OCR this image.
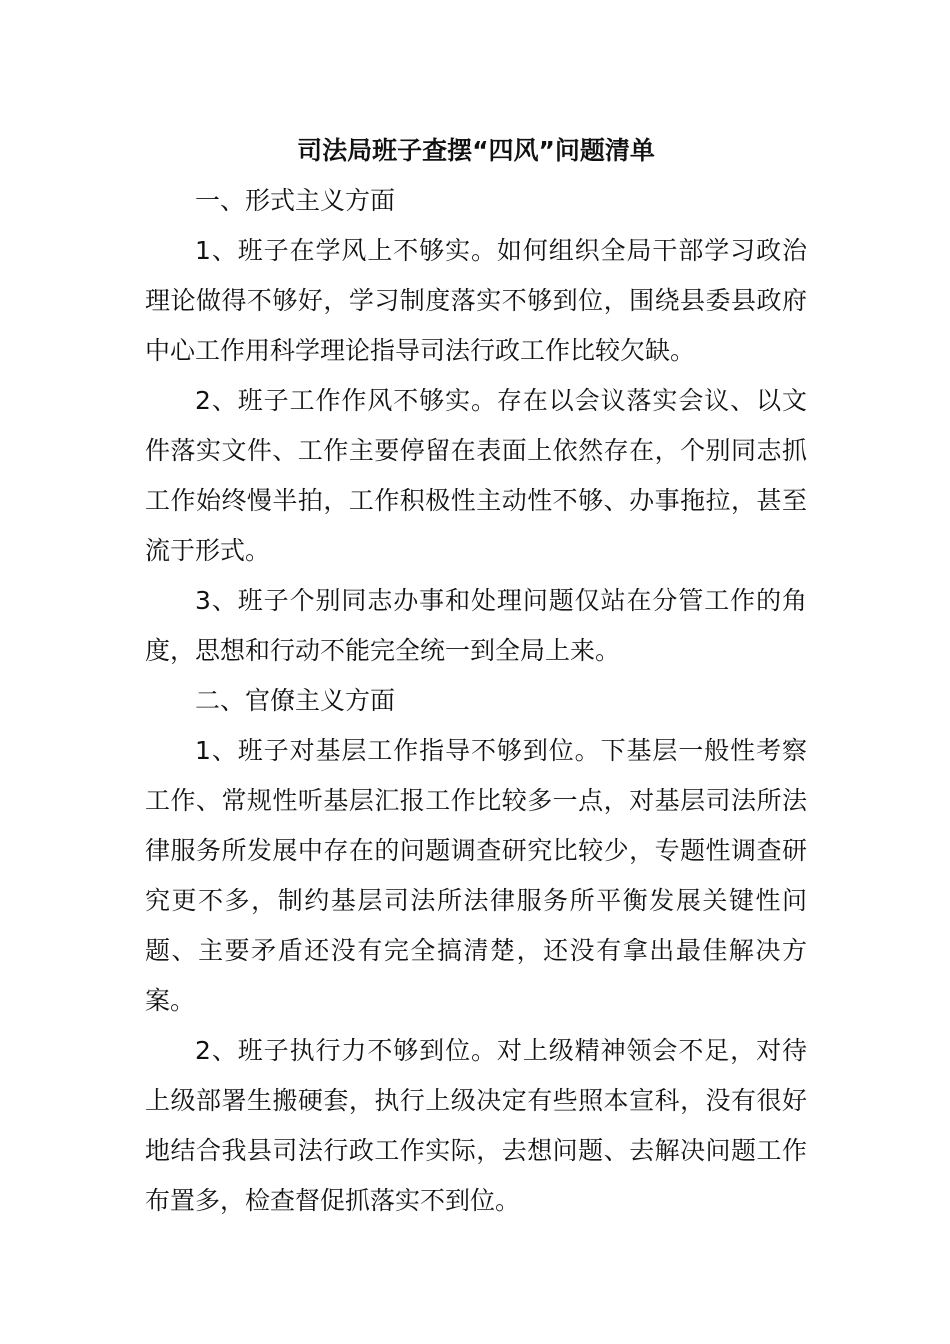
司法局班子查摆“四风”问题清单

一、形式主义方面

1、班子在学风上不够实。如何组织全局干部学习政治理论做得不够好，学习制度落实不够到位，围绕县委县政府中心工作用科学理论指导司法行政工作比较欠缺。

2、班子工作作风不够实。存在以会议落实会议、以文件落实文件、工作主要停留在表面上依然存在，个别同志抓工作始终慢半拍，工作积极性主动性不够、办事拖拉，甚至流于形式。

3、班子个别同志办事和处理问题仅站在分管工作的角度，思想和行动不能完全统一到全局上来。

二、官僚主义方面

1、班子对基层工作指导不够到位。下基层一般性考察工作、常规性听基层汇报工作比较多一点，对基层司法所法律服务所发展中存在的问题调查研究比较少，专题性调查研究更不多，制约基层司法所法律服务所平衡发展关键性问题、主要矛盾还没有完全搞清楚，还没有拿出最佳解决方案。

2、班子执行力不够到位。对上级精神领会不足，对待上级部署生搬硬套，执行上级决定有些照本宣科，没有很好地结合我县司法行政工作实际，去想问题、去解决问题工作布置多，检查督促抓落实不到位。
